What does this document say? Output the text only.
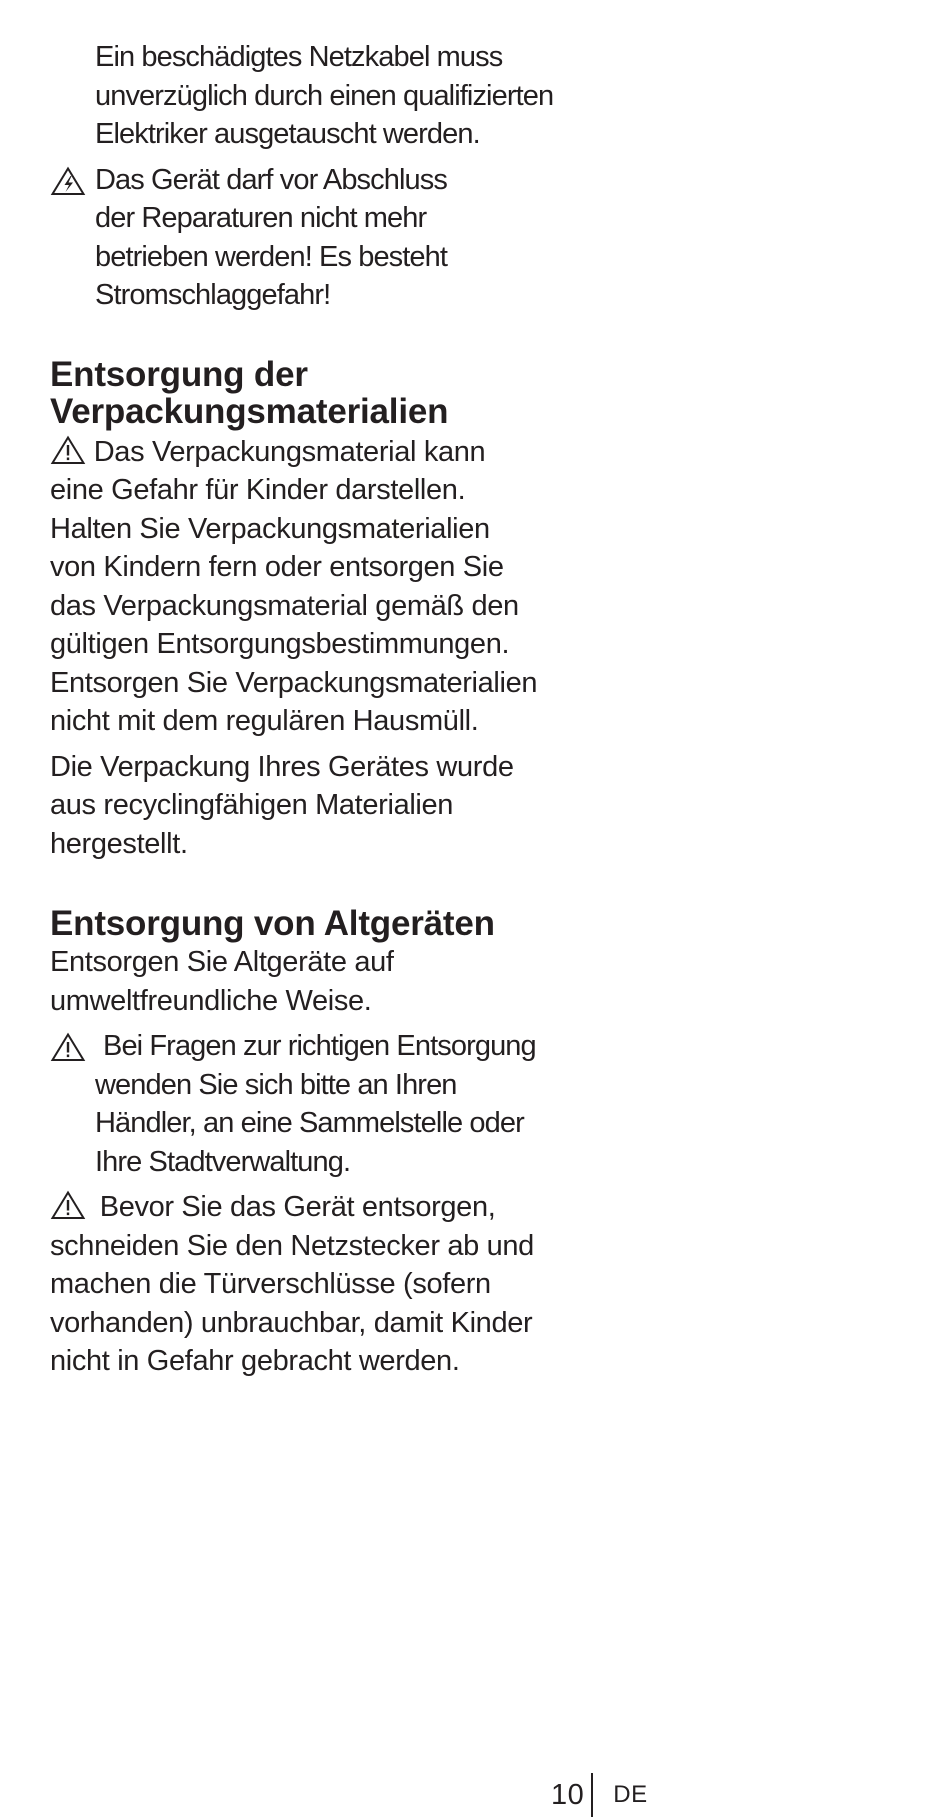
Ein beschädigtes Netzkabel muss

unverzüglich durch einen qualifizierten

Elektriker ausgetauscht werden.

Das Gerät darf vor Abschluss

der Reparaturen nicht mehr

betrieben werden! Es besteht

Stromschlaggefahr!

Entsorgung der
Verpackungsmaterialien

Das Verpackungsmaterial kann

eine Gefahr für Kinder darstellen.

Halten Sie Verpackungsmaterialien

von Kindern fern oder entsorgen Sie

das Verpackungsmaterial gemäß den

gültigen Entsorgungsbestimmungen.

Entsorgen Sie Verpackungsmaterialien

nicht mit dem regulären Hausmüll.

Die Verpackung Ihres Gerätes wurde

aus recyclingfähigen Materialien

hergestellt.

Entsorgung von Altgeräten

Entsorgen Sie Altgeräte auf

umweltfreundliche Weise.

Bei Fragen zur richtigen Entsorgung

wenden Sie sich bitte an Ihren

Händler, an eine Sammelstelle oder

Ihre Stadtverwaltung.

Bevor Sie das Gerät entsorgen,

schneiden Sie den Netzstecker ab und

machen die Türverschlüsse (sofern

vorhanden) unbrauchbar, damit Kinder

nicht in Gefahr gebracht werden.

10 DE
